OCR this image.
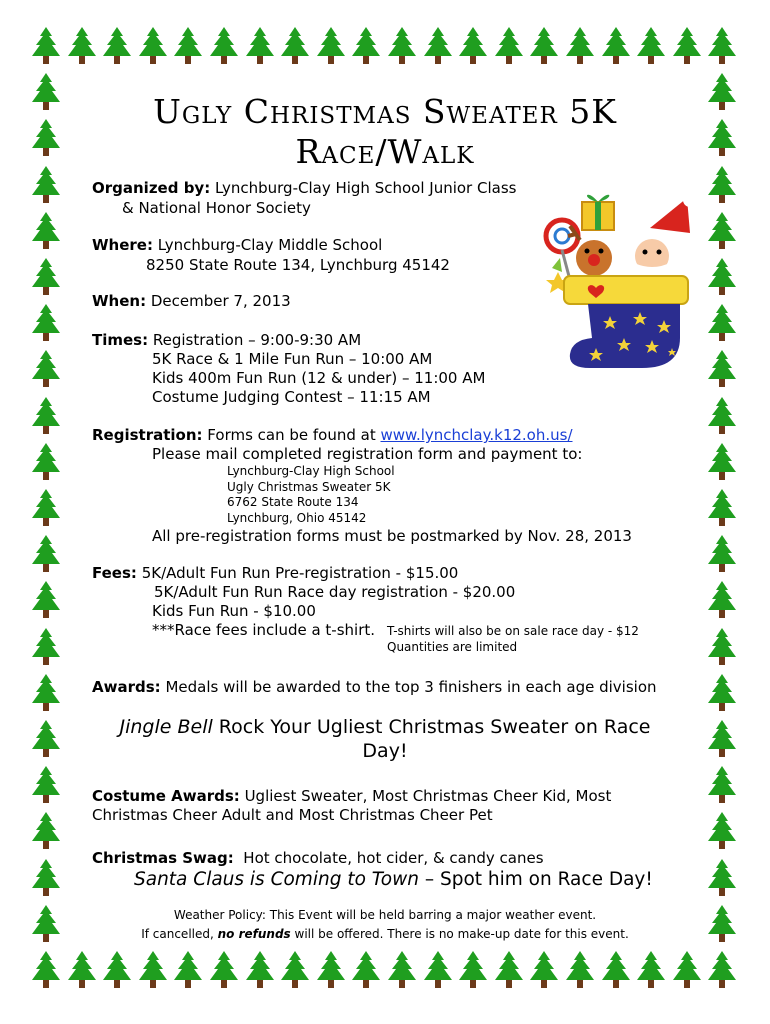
Ugly Christmas Sweater 5K
Race/Walk
Organized by: Lynchburg-Clay High School Junior Class
& National Honor Society
Where: Lynchburg-Clay Middle School
8250 State Route 134, Lynchburg 45142
When: December 7, 2013
Times: Registration – 9:00-9:30 AM
5K Race & 1 Mile Fun Run – 10:00 AM
Kids 400m Fun Run (12 & under) – 11:00 AM
Costume Judging Contest – 11:15 AM
Registration: Forms can be found at www.lynchclay.k12.oh.us/
Please mail completed registration form and payment to:
Lynchburg-Clay High School
Ugly Christmas Sweater 5K
6762 State Route 134
Lynchburg, Ohio 45142
All pre-registration forms must be postmarked by Nov. 28, 2013
Fees: 5K/Adult Fun Run Pre-registration - $15.00
5K/Adult Fun Run Race day registration - $20.00
Kids Fun Run - $10.00
***Race fees include a t-shirt. T-shirts will also be on sale race day - $12
Quantities are limited
Awards: Medals will be awarded to the top 3 finishers in each age division
Jingle Bell Rock Your Ugliest Christmas Sweater on Race
Day!
Costume Awards: Ugliest Sweater, Most Christmas Cheer Kid, Most
Christmas Cheer Adult and Most Christmas Cheer Pet
Christmas Swag: Hot chocolate, hot cider, & candy canes
Santa Claus is Coming to Town – Spot him on Race Day!
Weather Policy: This Event will be held barring a major weather event.
If cancelled, no refunds will be offered. There is no make-up date for this event.
